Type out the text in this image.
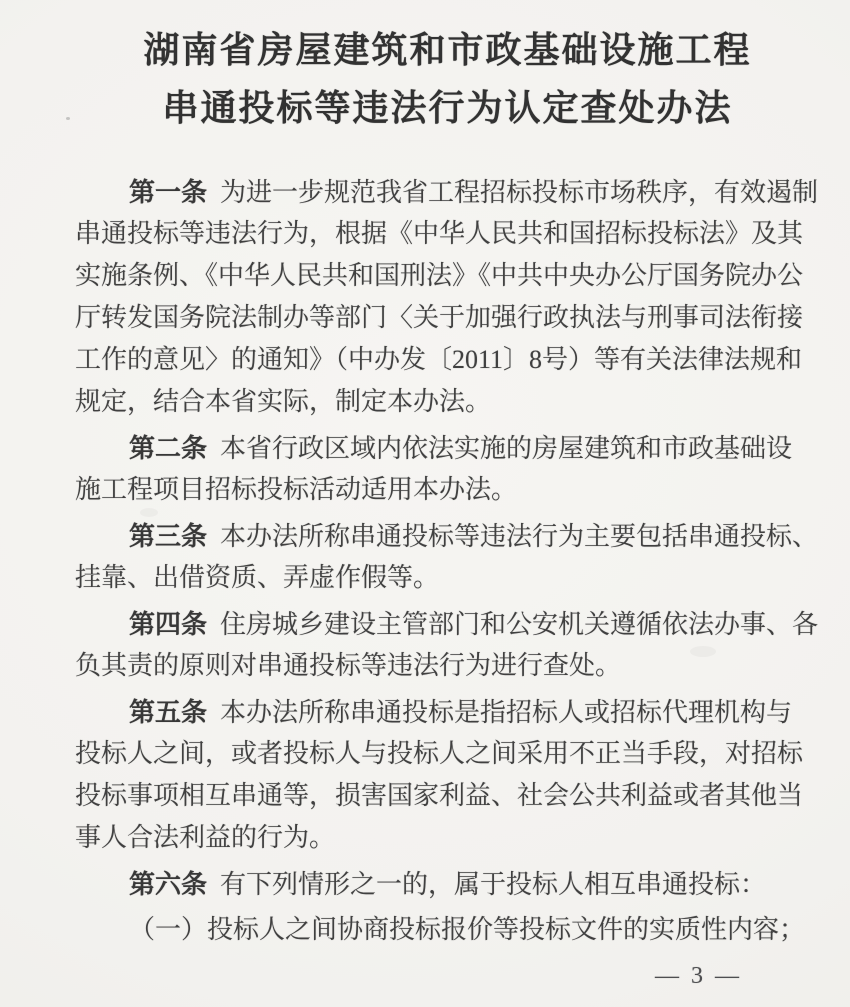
湖南省房屋建筑和市政基础设施工程
串通投标等违法行为认定查处办法
第一条 为进一步规范我省工程招标投标市场秩序，有效遏制
串通投标等违法行为，根据《中华人民共和国招标投标法》及其
实施条例、《中华人民共和国刑法》《中共中央办公厅国务院办公
厅转发国务院法制办等部门〈关于加强行政执法与刑事司法衔接
工作的意见〉的通知》（中办发〔2011〕8号）等有关法律法规和
规定，结合本省实际，制定本办法。
第二条 本省行政区域内依法实施的房屋建筑和市政基础设
施工程项目招标投标活动适用本办法。
第三条 本办法所称串通投标等违法行为主要包括串通投标、
挂靠、出借资质、弄虚作假等。
第四条 住房城乡建设主管部门和公安机关遵循依法办事、各
负其责的原则对串通投标等违法行为进行查处。
第五条 本办法所称串通投标是指招标人或招标代理机构与
投标人之间，或者投标人与投标人之间采用不正当手段，对招标
投标事项相互串通等，损害国家利益、社会公共利益或者其他当
事人合法利益的行为。
第六条 有下列情形之一的，属于投标人相互串通投标：
（一）投标人之间协商投标报价等投标文件的实质性内容；
— 3 —
